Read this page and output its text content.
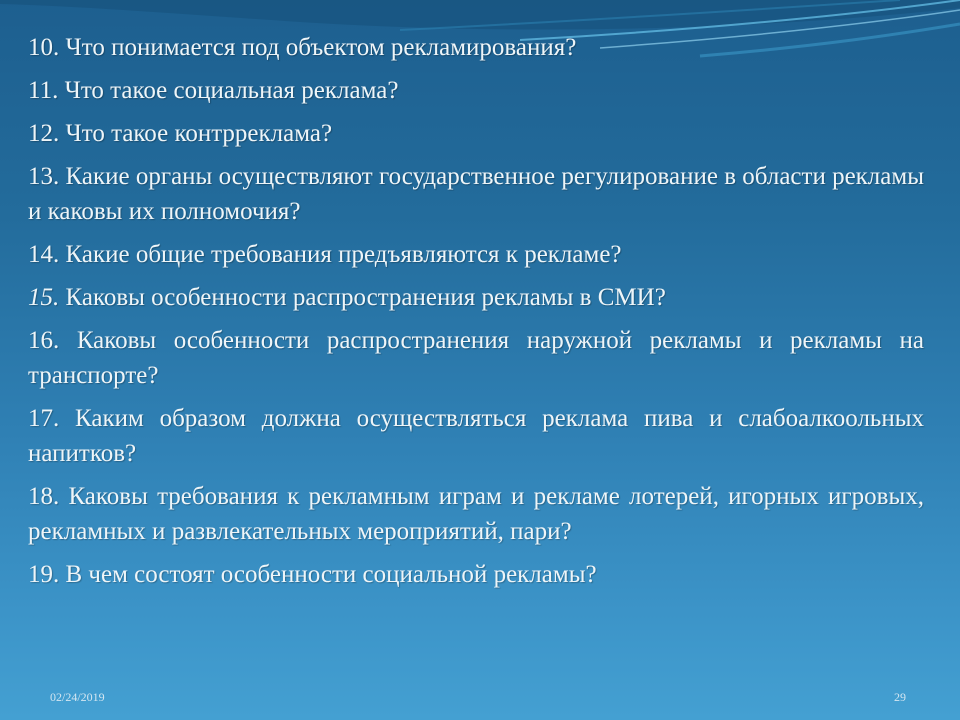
10. Что понимается под объектом рекламирования?

11. Что такое социальная реклама?

12. Что такое контрреклама?

13. Какие органы осуществляют государственное регулирование в области рекламы и каковы их полномочия?

14. Какие общие требования предъявляются к рекламе?

15. Каковы особенности распространения рекламы в СМИ?

16. Каковы особенности распространения наружной рекламы и рекламы на транспорте?

17. Каким образом должна осуществляться реклама пива и слабоалкоольных напитков?

18. Каковы требования к рекламным играм и рекламе лотерей, игорных игровых, рекламных и развлекательных мероприятий, пари?

19. В чем состоят особенности социальной рекламы?

02/24/2019	29
